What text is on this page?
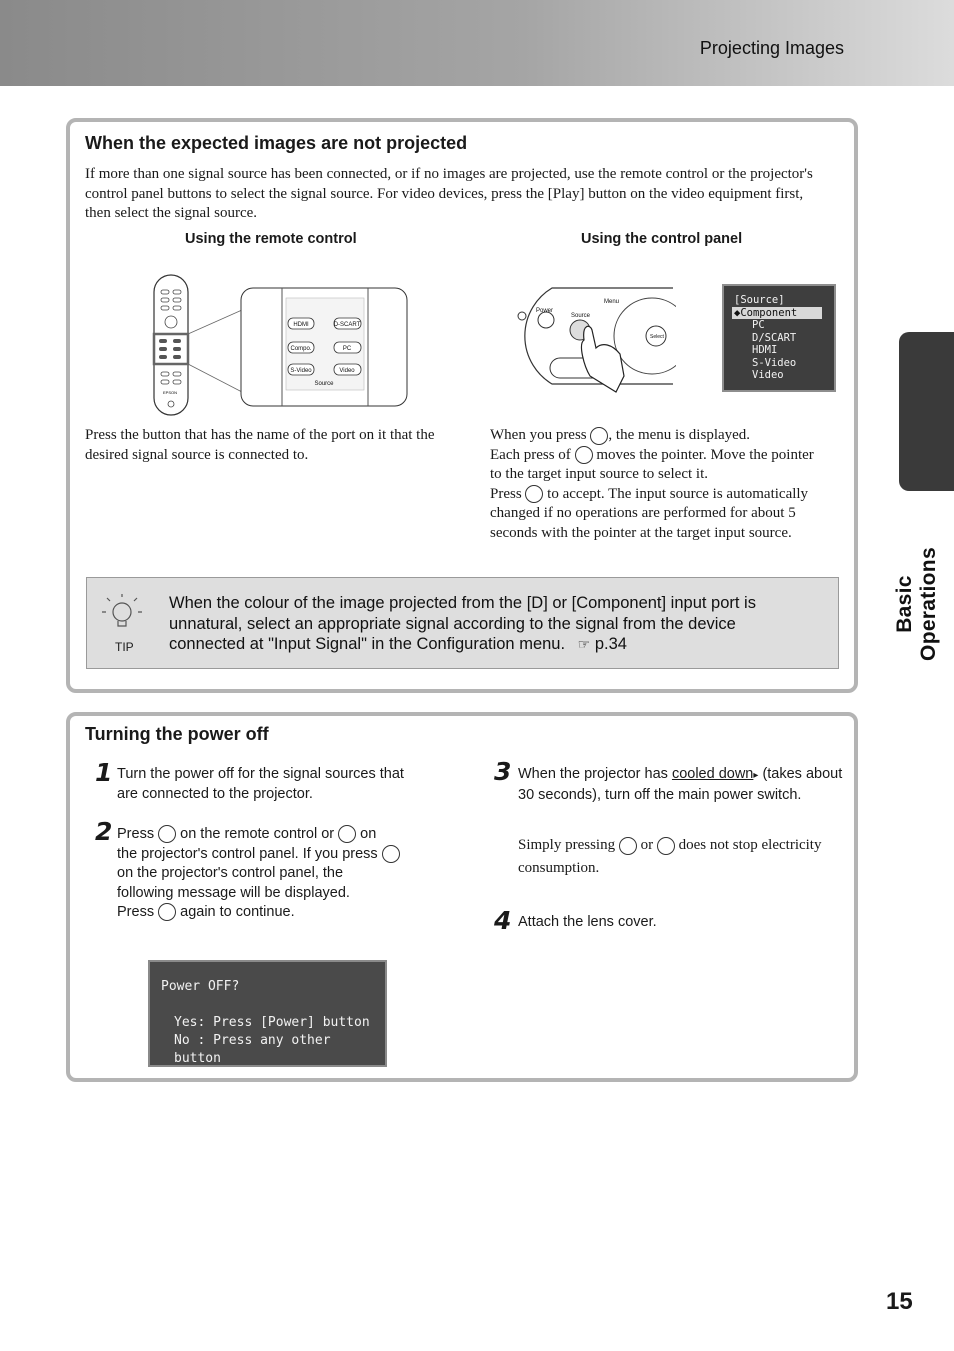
Projecting Images
Basic Operations
When the expected images are not projected
If more than one signal source has been connected, or if no images are projected, use the remote control or the projector's control panel buttons to select the signal source. For video devices, press the [Play] button on the video equipment first, then select the signal source.
Using the remote control	Using the control panel
EPSON
HDMI	D-SCART
Compo.	PC
S-Video	Video
Source
Power
Source
Menu
Select
[Source]
◆Component
PC
D/SCART
HDMI
S-Video
Video
Press the button that has the name of the port on it that the desired signal source is connected to.
When you press , the menu is displayed.
Each press of moves the pointer. Move the pointer
to the target input source to select it.
Press to accept. The input source is automatically
changed if no operations are performed for about 5
seconds with the pointer at the target input source.
TIP
When the colour of the image projected from the [D] or [Component] input port is unnatural, select an appropriate signal according to the signal from the device connected at "Input Signal" in the Configuration menu. ☞ p.34
Turning the power off
1 Turn the power off for the signal sources that are connected to the projector.
2 Press on the remote control or on
the projector's control panel. If you press
on the projector's control panel, the
following message will be displayed.
Press again to continue.
Power OFF?
Yes: Press [Power] button
No : Press any other button
3 When the projector has cooled down▸ (takes about 30 seconds), turn off the main power switch.
Simply pressing or does not stop electricity consumption.
4 Attach the lens cover.
15
